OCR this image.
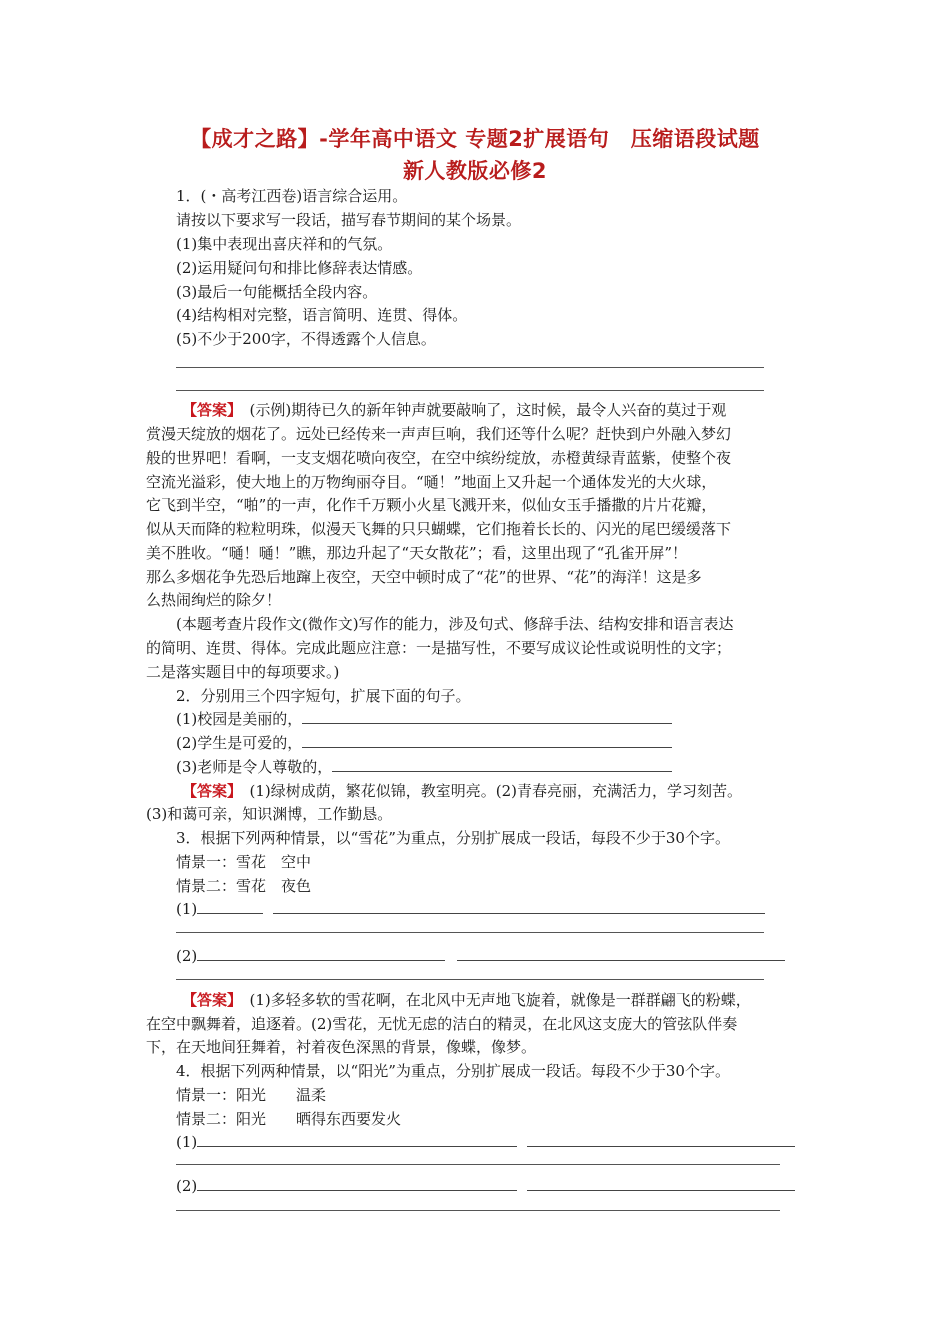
【成才之路】-学年高中语文 专题2扩展语句　压缩语段试题
新人教版必修2
1．(・高考江西卷)语言综合运用。
请按以下要求写一段话，描写春节期间的某个场景。
(1)集中表现出喜庆祥和的气氛。
(2)运用疑问句和排比修辞表达情感。
(3)最后一句能概括全段内容。
(4)结构相对完整，语言简明、连贯、得体。
(5)不少于200字，不得透露个人信息。
【答案】　(示例)期待已久的新年钟声就要敲响了，这时候，最令人兴奋的莫过于观
赏漫天绽放的烟花了。远处已经传来一声声巨响，我们还等什么呢？赶快到户外融入梦幻
般的世界吧！看啊，一支支烟花喷向夜空，在空中缤纷绽放，赤橙黄绿青蓝紫，使整个夜
空流光溢彩，使大地上的万物绚丽夺目。“嗵！”地面上又升起一个通体发光的大火球，
它飞到半空，“啪”的一声，化作千万颗小火星飞溅开来，似仙女玉手播撒的片片花瓣，
似从天而降的粒粒明珠，似漫天飞舞的只只蝴蝶，它们拖着长长的、闪光的尾巴缓缓落下
美不胜收。“嗵！嗵！”瞧，那边升起了“天女散花”；看，这里出现了“孔雀开屏”！
那么多烟花争先恐后地蹿上夜空，天空中顿时成了“花”的世界、“花”的海洋！这是多
么热闹绚烂的除夕！
(本题考查片段作文(微作文)写作的能力，涉及句式、修辞手法、结构安排和语言表达
的简明、连贯、得体。完成此题应注意：一是描写性，不要写成议论性或说明性的文字；
二是落实题目中的每项要求。)
2．分别用三个四字短句，扩展下面的句子。
(1)校园是美丽的，
(2)学生是可爱的，
(3)老师是令人尊敬的，
【答案】　(1)绿树成荫，繁花似锦，教室明亮。(2)青春亮丽，充满活力，学习刻苦。
(3)和蔼可亲，知识渊博，工作勤恳。
3．根据下列两种情景，以“雪花”为重点，分别扩展成一段话，每段不少于30个字。
情景一：雪花　空中
情景二：雪花　夜色
(1)
(2)
【答案】　(1)多轻多软的雪花啊，在北风中无声地飞旋着，就像是一群群翩飞的粉蝶，
在空中飘舞着，追逐着。(2)雪花，无忧无虑的洁白的精灵，在北风这支庞大的管弦队伴奏
下，在天地间狂舞着，衬着夜色深黑的背景，像蝶，像梦。
4．根据下列两种情景，以“阳光”为重点，分别扩展成一段话。每段不少于30个字。
情景一：阳光　　温柔
情景二：阳光　　晒得东西要发火
(1)
(2)
